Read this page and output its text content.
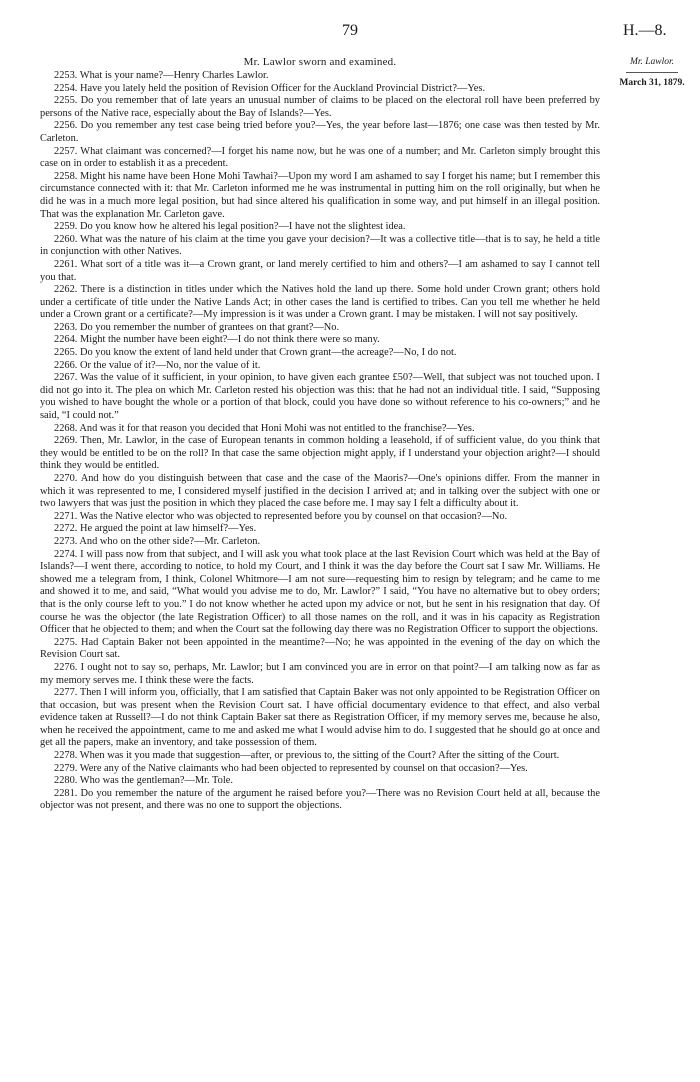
79	H.—8.
Mr. Lawlor.
March 31, 1879.
Mr. Lawlor sworn and examined.

2253. What is your name?—Henry Charles Lawlor.

2254. Have you lately held the position of Revision Officer for the Auckland Provincial District?—Yes.

2255. Do you remember that of late years an unusual number of claims to be placed on the electoral roll have been preferred by persons of the Native race, especially about the Bay of Islands?—Yes.

2256. Do you remember any test case being tried before you?—Yes, the year before last—1876; one case was then tested by Mr. Carleton.

2257. What claimant was concerned?—I forget his name now, but he was one of a number; and Mr. Carleton simply brought this case on in order to establish it as a precedent.

2258. Might his name have been Hone Mohi Tawhai?—Upon my word I am ashamed to say I forget his name; but I remember this circumstance connected with it: that Mr. Carleton informed me he was instrumental in putting him on the roll originally, but when he did he was in a much more legal position, but had since altered his qualification in some way, and put himself in an illegal position. That was the explanation Mr. Carleton gave.

2259. Do you know how he altered his legal position?—I have not the slightest idea.

2260. What was the nature of his claim at the time you gave your decision?—It was a collective title—that is to say, he held a title in conjunction with other Natives.

2261. What sort of a title was it—a Crown grant, or land merely certified to him and others?—I am ashamed to say I cannot tell you that.

2262. There is a distinction in titles under which the Natives hold the land up there. Some hold under Crown grant; others hold under a certificate of title under the Native Lands Act; in other cases the land is certified to tribes. Can you tell me whether he held under a Crown grant or a certificate?—My impression is it was under a Crown grant. I may be mistaken. I will not say positively.

2263. Do you remember the number of grantees on that grant?—No.

2264. Might the number have been eight?—I do not think there were so many.

2265. Do you know the extent of land held under that Crown grant—the acreage?—No, I do not.

2266. Or the value of it?—No, nor the value of it.

2267. Was the value of it sufficient, in your opinion, to have given each grantee £50?—Well, that subject was not touched upon. I did not go into it. The plea on which Mr. Carleton rested his objection was this: that he had not an individual title. I said, “Supposing you wished to have bought the whole or a portion of that block, could you have done so without reference to his co-owners;” and he said, “I could not.”

2268. And was it for that reason you decided that Honi Mohi was not entitled to the franchise?—Yes.

2269. Then, Mr. Lawlor, in the case of European tenants in common holding a leasehold, if of sufficient value, do you think that they would be entitled to be on the roll? In that case the same objection might apply, if I understand your objection aright?—I should think they would be entitled.

2270. And how do you distinguish between that case and the case of the Maoris?—One's opinions differ. From the manner in which it was represented to me, I considered myself justified in the decision I arrived at; and in talking over the subject with one or two lawyers that was just the position in which they placed the case before me. I may say I felt a difficulty about it.

2271. Was the Native elector who was objected to represented before you by counsel on that occasion?—No.

2272. He argued the point at law himself?—Yes.

2273. And who on the other side?—Mr. Carleton.

2274. I will pass now from that subject, and I will ask you what took place at the last Revision Court which was held at the Bay of Islands?—I went there, according to notice, to hold my Court, and I think it was the day before the Court sat I saw Mr. Williams. He showed me a telegram from, I think, Colonel Whitmore—I am not sure—requesting him to resign by telegram; and he came to me and showed it to me, and said, “What would you advise me to do, Mr. Lawlor?” I said, “You have no alternative but to obey orders; that is the only course left to you.” I do not know whether he acted upon my advice or not, but he sent in his resignation that day. Of course he was the objector (the late Registration Officer) to all those names on the roll, and it was in his capacity as Registration Officer that he objected to them; and when the Court sat the following day there was no Registration Officer to support the objections.

2275. Had Captain Baker not been appointed in the meantime?—No; he was appointed in the evening of the day on which the Revision Court sat.

2276. I ought not to say so, perhaps, Mr. Lawlor; but I am convinced you are in error on that point?—I am talking now as far as my memory serves me. I think these were the facts.

2277. Then I will inform you, officially, that I am satisfied that Captain Baker was not only appointed to be Registration Officer on that occasion, but was present when the Revision Court sat. I have official documentary evidence to that effect, and also verbal evidence taken at Russell?—I do not think Captain Baker sat there as Registration Officer, if my memory serves me, because he also, when he received the appointment, came to me and asked me what I would advise him to do. I suggested that he should go at once and get all the papers, make an inventory, and take possession of them.

2278. When was it you made that suggestion—after, or previous to, the sitting of the Court? After the sitting of the Court.

2279. Were any of the Native claimants who had been objected to represented by counsel on that occasion?—Yes.

2280. Who was the gentleman?—Mr. Tole.

2281. Do you remember the nature of the argument he raised before you?—There was no Revision Court held at all, because the objector was not present, and there was no one to support the objections.
